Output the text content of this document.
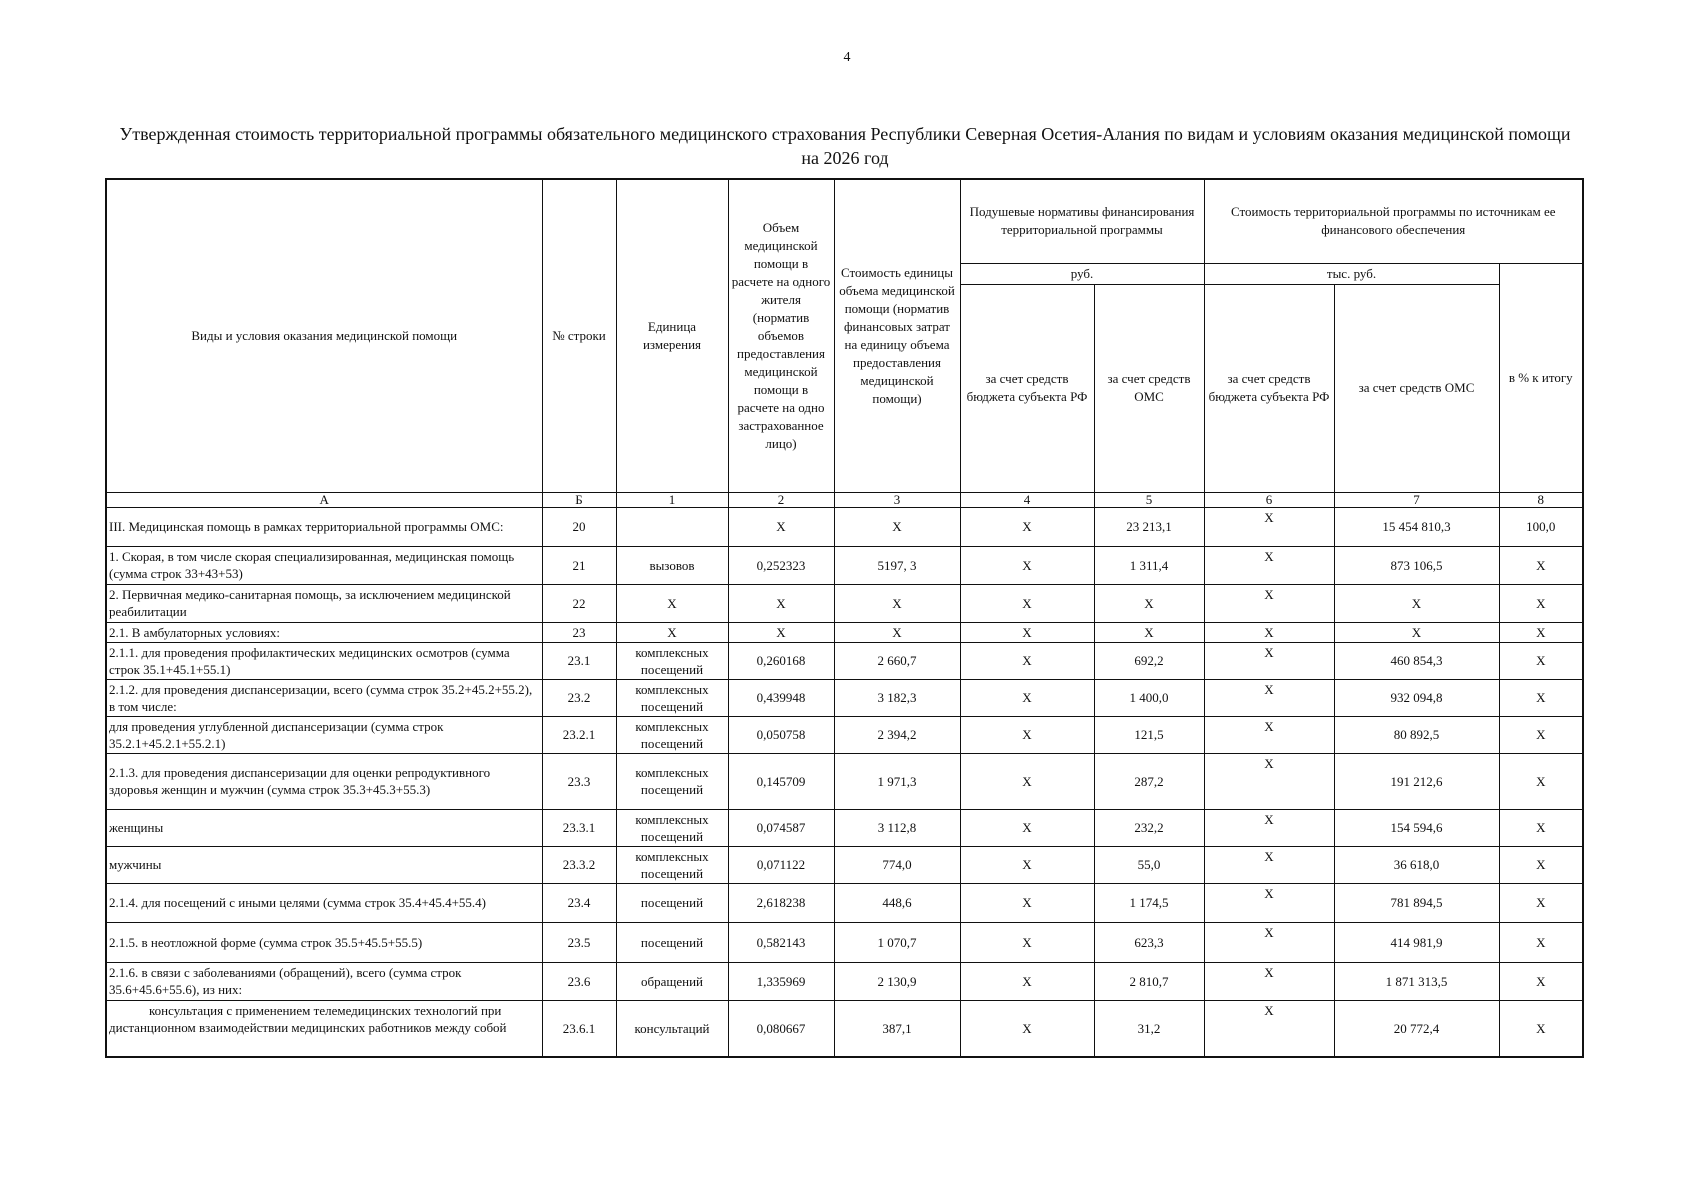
4
Утвержденная стоимость территориальной программы обязательного медицинского страхования Республики Северная Осетия-Алания по видам и условиям оказания медицинской помощи на 2026 год
Виды и условия оказания медицинской помощи	№ строки	Единица измерения	Объем медицинской помощи в расчете на одного жителя (норматив объемов предоставления медицинской помощи в расчете на одно застрахованное лицо)	Стоимость единицы объема медицинской помощи (норматив финансовых затрат на единицу объема предоставления медицинской помощи)	Подушевые нормативы финансирования территориальной программы		Стоимость территориальной программы по источникам ее финансового обеспечения		
					руб.		тыс. руб.		в % к итогу
					за счет средств бюджета субъекта РФ	за счет средств ОМС	за счет средств бюджета субъекта РФ	за счет средств ОМС	
А	Б	1	2	3	4	5	6	7	8
III. Медицинская помощь в рамках территориальной программы ОМС:	20		Х	Х	Х	23 213,1	Х	15 454 810,3	100,0
1. Скорая, в том числе скорая специализированная, медицинская помощь (сумма строк 33+43+53)	21	вызовов	0,252323	5197, 3	Х	1 311,4	Х	873 106,5	Х
2. Первичная медико-санитарная помощь, за исключением медицинской реабилитации	22	Х	Х	Х	Х	Х	Х	Х	Х
2.1. В амбулаторных условиях:	23	Х	Х	Х	Х	Х	Х	Х	Х
2.1.1. для проведения профилактических медицинских осмотров (сумма строк 35.1+45.1+55.1)	23.1	комплексных посещений	0,260168	2 660,7	Х	692,2	Х	460 854,3	Х
2.1.2. для проведения диспансеризации, всего (сумма строк 35.2+45.2+55.2), в том числе:	23.2	комплексных посещений	0,439948	3 182,3	Х	1 400,0	Х	932 094,8	Х
для проведения углубленной диспансеризации (сумма строк 35.2.1+45.2.1+55.2.1)	23.2.1	комплексных посещений	0,050758	2 394,2	Х	121,5	Х	80 892,5	Х
2.1.3. для проведения диспансеризации для оценки репродуктивного здоровья женщин и мужчин (сумма строк 35.3+45.3+55.3)	23.3	комплексных посещений	0,145709	1 971,3	Х	287,2	Х	191 212,6	Х
женщины	23.3.1	комплексных посещений	0,074587	3 112,8	Х	232,2	Х	154 594,6	Х
мужчины	23.3.2	комплексных посещений	0,071122	774,0	Х	55,0	Х	36 618,0	Х
2.1.4. для посещений с иными целями (сумма строк 35.4+45.4+55.4)	23.4	посещений	2,618238	448,6	Х	1 174,5	Х	781 894,5	Х
2.1.5. в неотложной форме (сумма строк 35.5+45.5+55.5)	23.5	посещений	0,582143	1 070,7	Х	623,3	Х	414 981,9	Х
2.1.6. в связи с заболеваниями (обращений), всего (сумма строк 35.6+45.6+55.6), из них:	23.6	обращений	1,335969	2 130,9	Х	2 810,7	Х	1 871 313,5	Х
консультация с применением телемедицинских технологий при дистанционном взаимодействии медицинских работников между собой	23.6.1	консультаций	0,080667	387,1	Х	31,2	Х	20 772,4	Х
